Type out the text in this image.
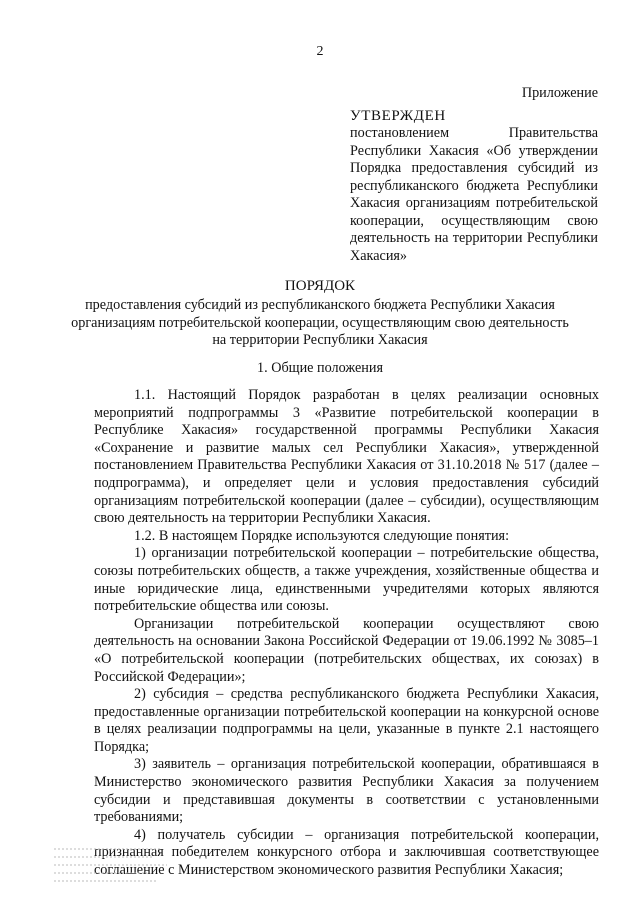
2
Приложение
УТВЕРЖДЕН
постановлением Правительства Республики Хакасия «Об утверждении Порядка предоставления субсидий из республиканского бюджета Республики Хакасия организациям потребительской кооперации, осуществляющим свою деятельность на территории Республики Хакасия»
ПОРЯДОК
предоставления субсидий из республиканского бюджета Республики Хакасия
организациям потребительской кооперации, осуществляющим свою деятельность
на территории Республики Хакасия
1. Общие положения

1.1. Настоящий Порядок разработан в целях реализации основных мероприятий подпрограммы 3 «Развитие потребительской кооперации в Республике Хакасия» государственной программы Республики Хакасия «Сохранение и развитие малых сел Республики Хакасия», утвержденной постановлением Правительства Республики Хакасия от 31.10.2018 № 517 (далее – подпрограмма), и определяет цели и условия предоставления субсидий организациям потребительской кооперации (далее – субсидии), осуществляющим свою деятельность на территории Республики Хакасия.

1.2. В настоящем Порядке используются следующие понятия:

1) организации потребительской кооперации – потребительские общества, союзы потребительских обществ, а также учреждения, хозяйственные общества и иные юридические лица, единственными учредителями которых являются потребительские общества или союзы.

Организации потребительской кооперации осуществляют свою деятельность на основании Закона Российской Федерации от 19.06.1992 № 3085–1 «О потребительской кооперации (потребительских обществах, их союзах) в Российской Федерации»;

2) субсидия – средства республиканского бюджета Республики Хакасия, предоставленные организации потребительской кооперации на конкурсной основе в целях реализации подпрограммы на цели, указанные в пункте 2.1 настоящего Порядка;

3) заявитель – организация потребительской кооперации, обратившаяся в Министерство экономического развития Республики Хакасия за получением субсидии и представившая документы в соответствии с установленными требованиями;

4) получатель субсидии – организация потребительской кооперации, признанная победителем конкурсного отбора и заключившая соответствующее соглашение с Министерством экономического развития Республики Хакасия;
